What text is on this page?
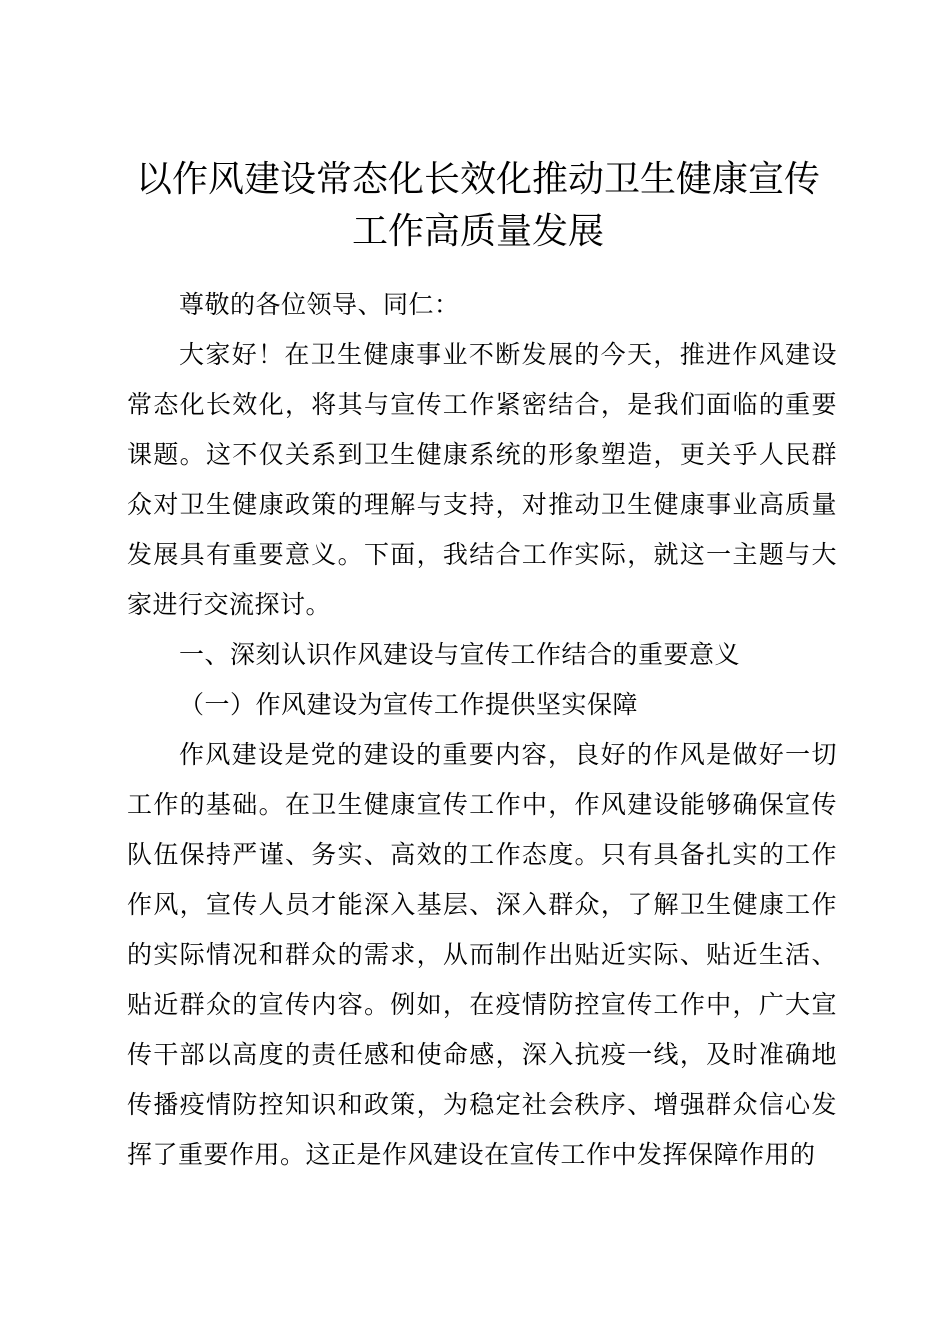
以作风建设常态化长效化推动卫生健康宣传工作高质量发展

尊敬的各位领导、同仁：

大家好！在卫生健康事业不断发展的今天，推进作风建设常态化长效化，将其与宣传工作紧密结合，是我们面临的重要课题。这不仅关系到卫生健康系统的形象塑造，更关乎人民群众对卫生健康政策的理解与支持，对推动卫生健康事业高质量发展具有重要意义。下面，我结合工作实际，就这一主题与大家进行交流探讨。

一、深刻认识作风建设与宣传工作结合的重要意义

（一）作风建设为宣传工作提供坚实保障

作风建设是党的建设的重要内容，良好的作风是做好一切工作的基础。在卫生健康宣传工作中，作风建设能够确保宣传队伍保持严谨、务实、高效的工作态度。只有具备扎实的工作作风，宣传人员才能深入基层、深入群众，了解卫生健康工作的实际情况和群众的需求，从而制作出贴近实际、贴近生活、贴近群众的宣传内容。例如，在疫情防控宣传工作中，广大宣传干部以高度的责任感和使命感，深入抗疫一线，及时准确地传播疫情防控知识和政策，为稳定社会秩序、增强群众信心发挥了重要作用。这正是作风建设在宣传工作中发挥保障作用的
